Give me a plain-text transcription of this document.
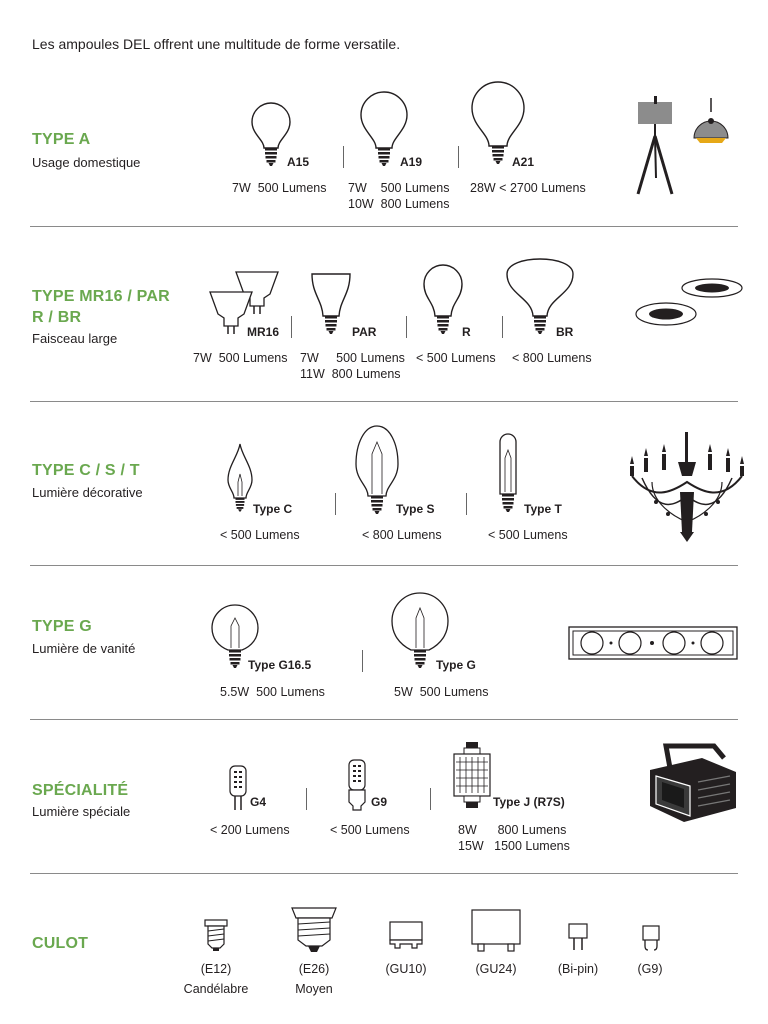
Les ampoules DEL offrent une multitude de forme versatile.
TYPE A
Usage domestique	A15
7W  500 Lumens
A19
7W    500 Lumens
10W  800 Lumens
A21
28W < 2700 Lumens
TYPE MR16 / PAR
R / BR
Faisceau large	MR16
7W  500 Lumens
PAR
7W     500 Lumens
11W  800 Lumens
R
< 500 Lumens
BR
< 800 Lumens
TYPE C / S / T
Lumière décorative
Type C
< 500 Lumens
Type S
< 800 Lumens
Type T
< 500 Lumens
TYPE G
Lumière de vanité
Type G16.5
5.5W  500 Lumens
Type G
5W  500 Lumens
SPÉCIALITÉ
Lumière spéciale
G4
< 200 Lumens
G9
< 500 Lumens
Type J (R7S)
8W      800 Lumens
15W   1500 Lumens
CULOT
(E12)
Candélabre
(E26)
Moyen
(GU10)	(GU24)	(Bi-pin)	(G9)
